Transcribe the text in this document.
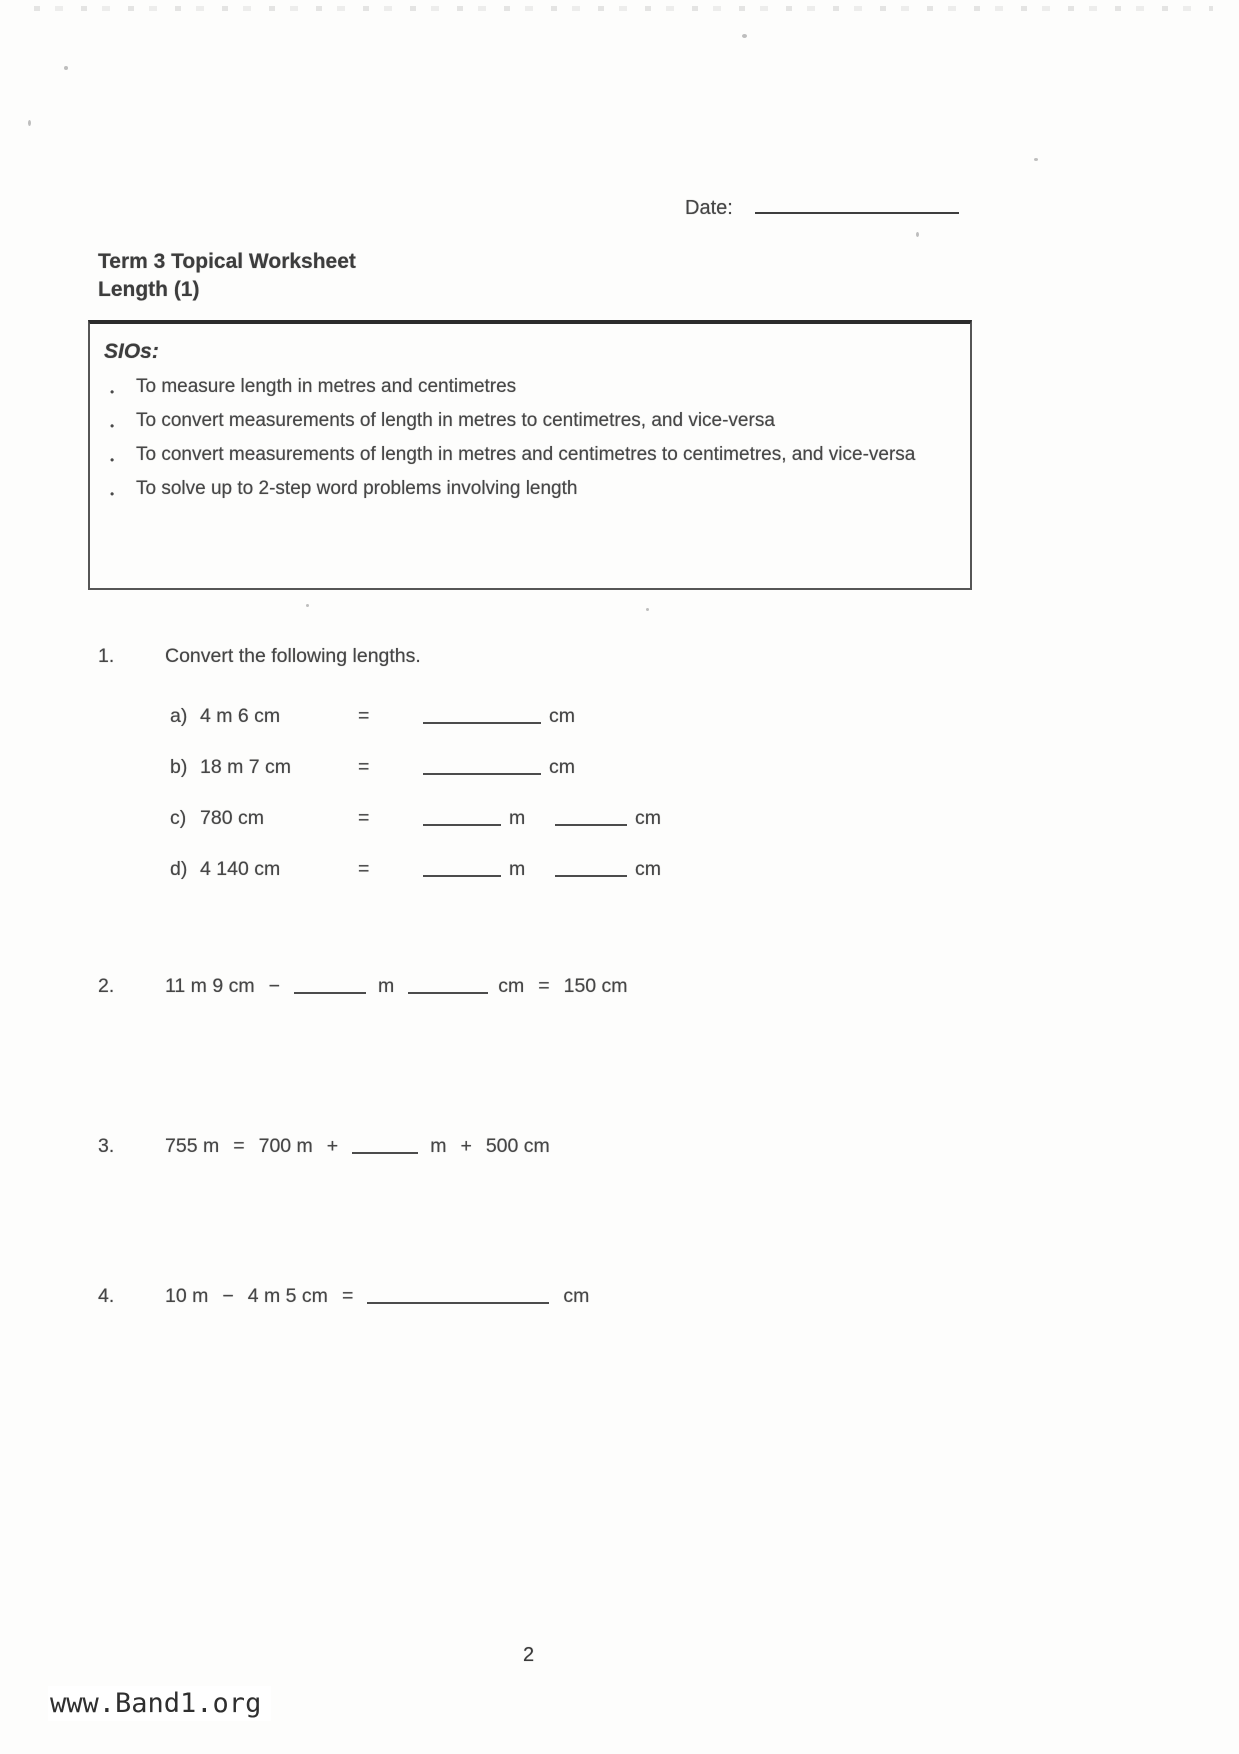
Date:
Term 3 Topical Worksheet
Length (1)
SIOs:
•	To measure length in metres and centimetres
•	To convert measurements of length in metres to centimetres, and vice-versa
•	To convert measurements of length in metres and centimetres to centimetres, and vice-versa
•	To solve up to 2-step word problems involving length
1.	Convert the following lengths.
a) 4 m 6 cm	=	cm
b) 18 m 7 cm	=	cm
c) 780 cm	=	m	cm
d) 4 140 cm	=	m	cm
2.	11 m 9 cm −	m	cm = 150 cm
3.	755 m = 700 m +	m + 500 cm
4.	10 m − 4 m 5 cm =	cm
2
www.Band1.org
